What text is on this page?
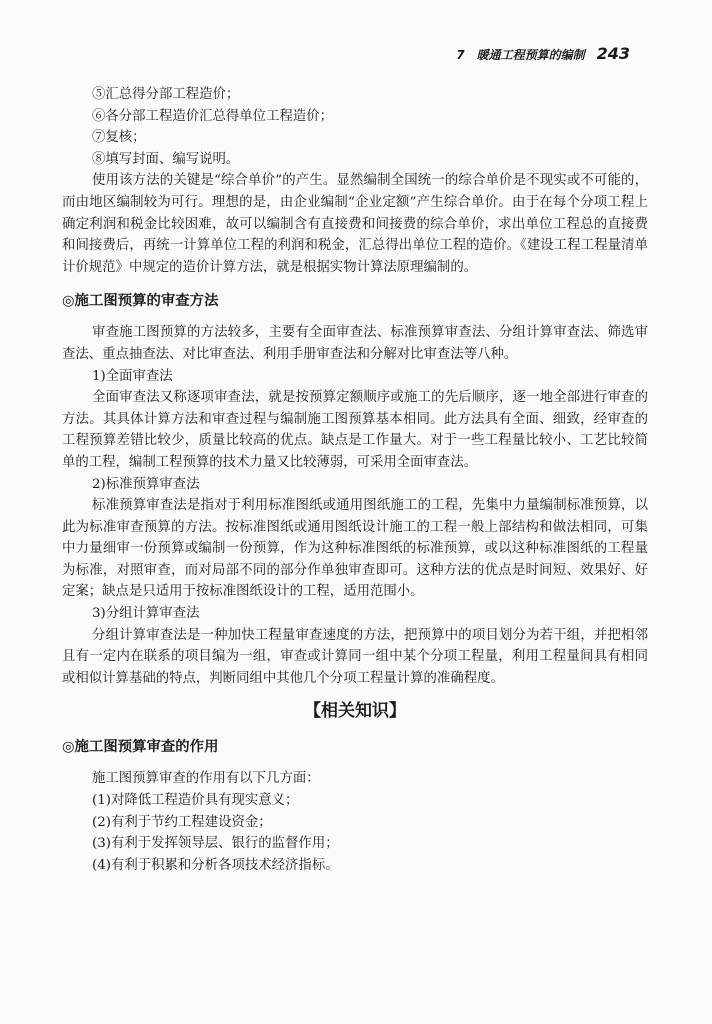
7 暖通工程预算的编制 243

⑤汇总得分部工程造价；

⑥各分部工程造价汇总得单位工程造价；

⑦复核；

⑧填写封面、编写说明。

使用该方法的关键是“综合单价”的产生。显然编制全国统一的综合单价是不现实或不可能的，而由地区编制较为可行。理想的是，由企业编制“企业定额”产生综合单价。由于在每个分项工程上确定利润和税金比较困难，故可以编制含有直接费和间接费的综合单价，求出单位工程总的直接费和间接费后，再统一计算单位工程的利润和税金，汇总得出单位工程的造价。《建设工程工程量清单计价规范》中规定的造价计算方法，就是根据实物计算法原理编制的。

◎施工图预算的审查方法

审查施工图预算的方法较多，主要有全面审查法、标准预算审查法、分组计算审查法、筛选审查法、重点抽查法、对比审查法、利用手册审查法和分解对比审查法等八种。

1)全面审查法

全面审查法又称逐项审查法，就是按预算定额顺序或施工的先后顺序，逐一地全部进行审查的方法。其具体计算方法和审查过程与编制施工图预算基本相同。此方法具有全面、细致，经审查的工程预算差错比较少，质量比较高的优点。缺点是工作量大。对于一些工程量比较小、工艺比较简单的工程，编制工程预算的技术力量又比较薄弱，可采用全面审查法。

2)标准预算审查法

标准预算审查法是指对于利用标准图纸或通用图纸施工的工程，先集中力量编制标准预算，以此为标准审查预算的方法。按标准图纸或通用图纸设计施工的工程一般上部结构和做法相同，可集中力量细审一份预算或编制一份预算，作为这种标准图纸的标准预算，或以这种标准图纸的工程量为标准，对照审查，而对局部不同的部分作单独审查即可。这种方法的优点是时间短、效果好、好定案；缺点是只适用于按标准图纸设计的工程，适用范围小。

3)分组计算审查法

分组计算审查法是一种加快工程量审查速度的方法，把预算中的项目划分为若干组，并把相邻且有一定内在联系的项目编为一组，审查或计算同一组中某个分项工程量，利用工程量间具有相同或相似计算基础的特点，判断同组中其他几个分项工程量计算的准确程度。

【相关知识】
◎施工图预算审查的作用

施工图预算审查的作用有以下几方面：

(1)对降低工程造价具有现实意义；

(2)有利于节约工程建设资金；

(3)有利于发挥领导层、银行的监督作用；

(4)有利于积累和分析各项技术经济指标。
